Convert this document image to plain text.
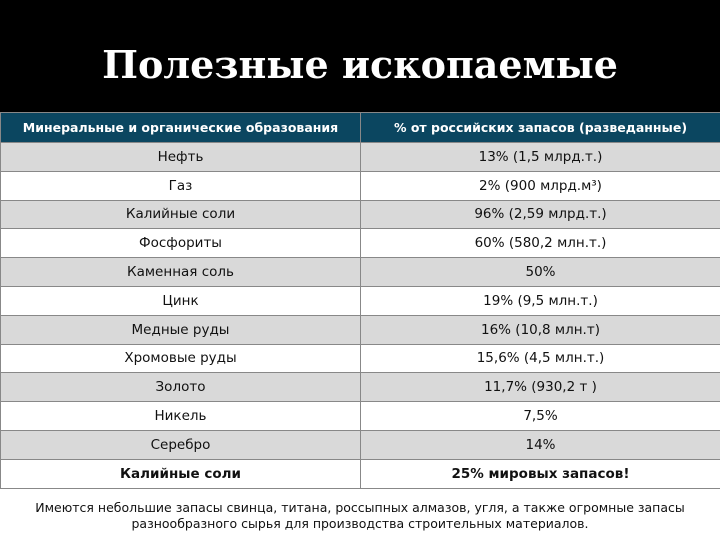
Полезные ископаемые
Минеральные и органические образования	% от российских запасов (разведанные)
Нефть	13% (1,5 млрд.т.)
Газ	2% (900 млрд.м³)
Калийные соли	96% (2,59 млрд.т.)
Фосфориты	60% (580,2 млн.т.)
Каменная соль	50%
Цинк	19% (9,5 млн.т.)
Медные руды	16% (10,8 млн.т)
Хромовые руды	15,6% (4,5 млн.т.)
Золото	11,7% (930,2 т )
Никель	7,5%
Серебро	14%
Калийные соли	25% мировых запасов!
Имеются небольшие запасы свинца, титана, россыпных алмазов, угля, а также огромные запасы
разнообразного сырья для производства строительных материалов.
